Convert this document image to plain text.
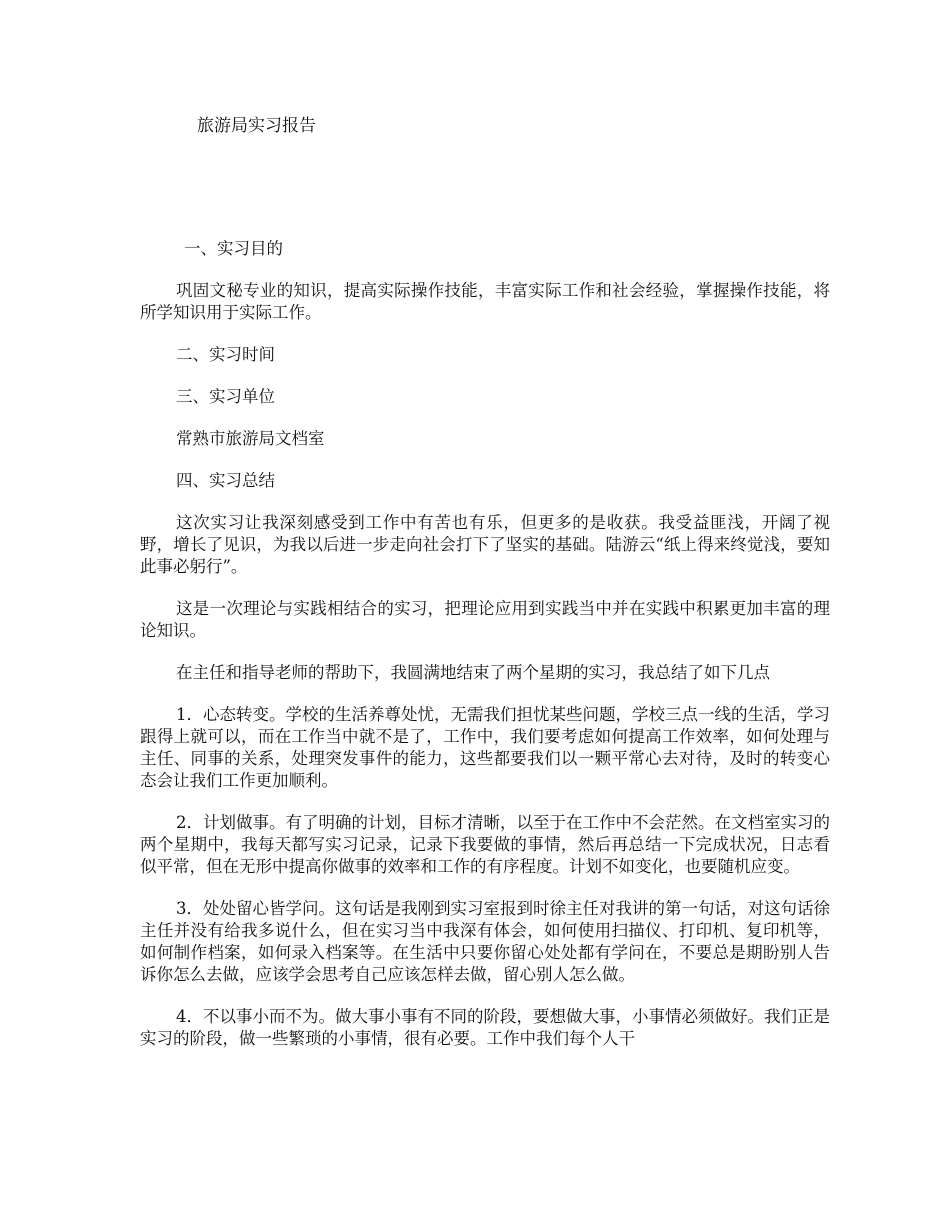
旅游局实习报告

一、实习目的

巩固文秘专业的知识，提高实际操作技能，丰富实际工作和社会经验，掌握操作技能，将所学知识用于实际工作。

二、实习时间

三、实习单位

常熟市旅游局文档室

四、实习总结

这次实习让我深刻感受到工作中有苦也有乐，但更多的是收获。我受益匪浅，开阔了视野，增长了见识，为我以后进一步走向社会打下了坚实的基础。陆游云“纸上得来终觉浅，要知此事必躬行”。

这是一次理论与实践相结合的实习，把理论应用到实践当中并在实践中积累更加丰富的理论知识。

在主任和指导老师的帮助下，我圆满地结束了两个星期的实习，我总结了如下几点

1．心态转变。学校的生活养尊处忧，无需我们担忧某些问题，学校三点一线的生活，学习跟得上就可以，而在工作当中就不是了，工作中，我们要考虑如何提高工作效率，如何处理与主任、同事的关系，处理突发事件的能力，这些都要我们以一颗平常心去对待，及时的转变心态会让我们工作更加顺利。

2．计划做事。有了明确的计划，目标才清晰，以至于在工作中不会茫然。在文档室实习的两个星期中，我每天都写实习记录，记录下我要做的事情，然后再总结一下完成状况，日志看似平常，但在无形中提高你做事的效率和工作的有序程度。计划不如变化，也要随机应变。

3．处处留心皆学问。这句话是我刚到实习室报到时徐主任对我讲的第一句话，对这句话徐主任并没有给我多说什么，但在实习当中我深有体会，如何使用扫描仪、打印机、复印机等，如何制作档案，如何录入档案等。在生活中只要你留心处处都有学问在，不要总是期盼别人告诉你怎么去做，应该学会思考自己应该怎样去做，留心别人怎么做。

4．不以事小而不为。做大事小事有不同的阶段，要想做大事，小事情必须做好。我们正是实习的阶段，做一些繁琐的小事情，很有必要。工作中我们每个人干
